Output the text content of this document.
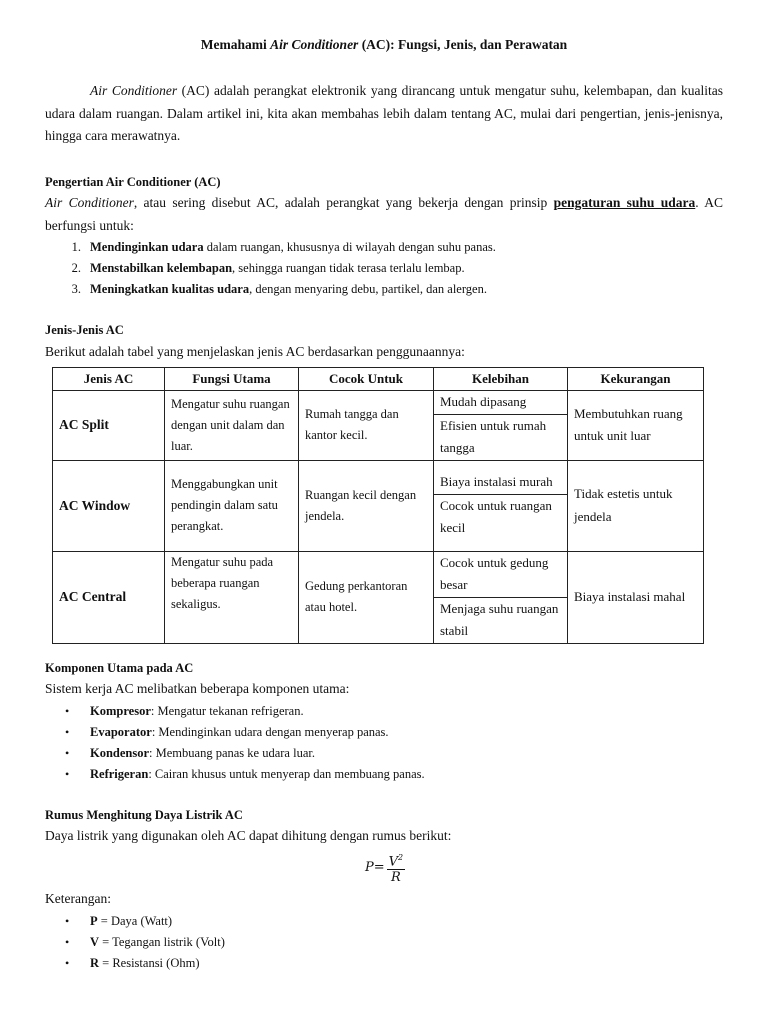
Memahami Air Conditioner (AC): Fungsi, Jenis, dan Perawatan
Air Conditioner (AC) adalah perangkat elektronik yang dirancang untuk mengatur suhu, kelembapan, dan kualitas udara dalam ruangan. Dalam artikel ini, kita akan membahas lebih dalam tentang AC, mulai dari pengertian, jenis-jenisnya, hingga cara merawatnya.
Pengertian Air Conditioner (AC)
Air Conditioner, atau sering disebut AC, adalah perangkat yang bekerja dengan prinsip pengaturan suhu udara. AC berfungsi untuk:
1. Mendinginkan udara dalam ruangan, khususnya di wilayah dengan suhu panas.
2. Menstabilkan kelembapan, sehingga ruangan tidak terasa terlalu lembap.
3. Meningkatkan kualitas udara, dengan menyaring debu, partikel, dan alergen.
Jenis-Jenis AC
Berikut adalah tabel yang menjelaskan jenis AC berdasarkan penggunaannya:
Jenis AC	Fungsi Utama	Cocok Untuk	Kelebihan	Kekurangan
AC Split	Mengatur suhu ruangan dengan unit dalam dan luar.	Rumah tangga dan kantor kecil.	Mudah dipasang
Efisien untuk rumah tangga	Membutuhkan ruang untuk unit luar

AC Window	Menggabungkan unit pendingin dalam satu perangkat.	Ruangan kecil dengan jendela.	Biaya instalasi murah
Cocok untuk ruangan kecil	Tidak estetis untuk jendela

AC Central	Mengatur suhu pada beberapa ruangan sekaligus.	Gedung perkantoran atau hotel.	Cocok untuk gedung besar
Menjaga suhu ruangan stabil	Biaya instalasi mahal
Komponen Utama pada AC
Sistem kerja AC melibatkan beberapa komponen utama:
• Kompresor: Mengatur tekanan refrigeran.
• Evaporator: Mendinginkan udara dengan menyerap panas.
• Kondensor: Membuang panas ke udara luar.
• Refrigeran: Cairan khusus untuk menyerap dan membuang panas.
Rumus Menghitung Daya Listrik AC
Daya listrik yang digunakan oleh AC dapat dihitung dengan rumus berikut:
$P = \frac{V^2}{R}$
Keterangan:
• P = Daya (Watt)
• V = Tegangan listrik (Volt)
• R = Resistansi (Ohm)
